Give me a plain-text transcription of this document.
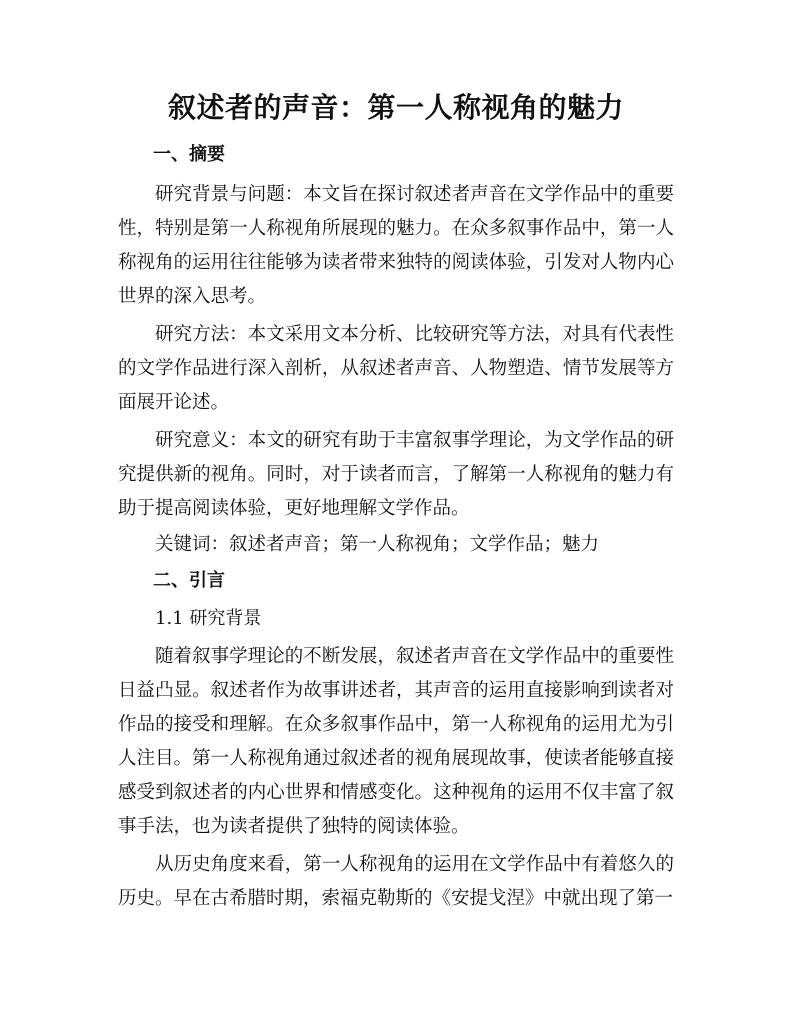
叙述者的声音：第一人称视角的魅力
一、摘要

研究背景与问题：本文旨在探讨叙述者声音在文学作品中的重要性，特别是第一人称视角所展现的魅力。在众多叙事作品中，第一人称视角的运用往往能够为读者带来独特的阅读体验，引发对人物内心世界的深入思考。

研究方法：本文采用文本分析、比较研究等方法，对具有代表性的文学作品进行深入剖析，从叙述者声音、人物塑造、情节发展等方面展开论述。

研究意义：本文的研究有助于丰富叙事学理论，为文学作品的研究提供新的视角。同时，对于读者而言，了解第一人称视角的魅力有助于提高阅读体验，更好地理解文学作品。

关键词：叙述者声音；第一人称视角；文学作品；魅力

二、引言
1.1 研究背景

随着叙事学理论的不断发展，叙述者声音在文学作品中的重要性日益凸显。叙述者作为故事讲述者，其声音的运用直接影响到读者对作品的接受和理解。在众多叙事作品中，第一人称视角的运用尤为引人注目。第一人称视角通过叙述者的视角展现故事，使读者能够直接感受到叙述者的内心世界和情感变化。这种视角的运用不仅丰富了叙事手法，也为读者提供了独特的阅读体验。

从历史角度来看，第一人称视角的运用在文学作品中有着悠久的历史。早在古希腊时期，索福克勒斯的《安提戈涅》中就出现了第一
